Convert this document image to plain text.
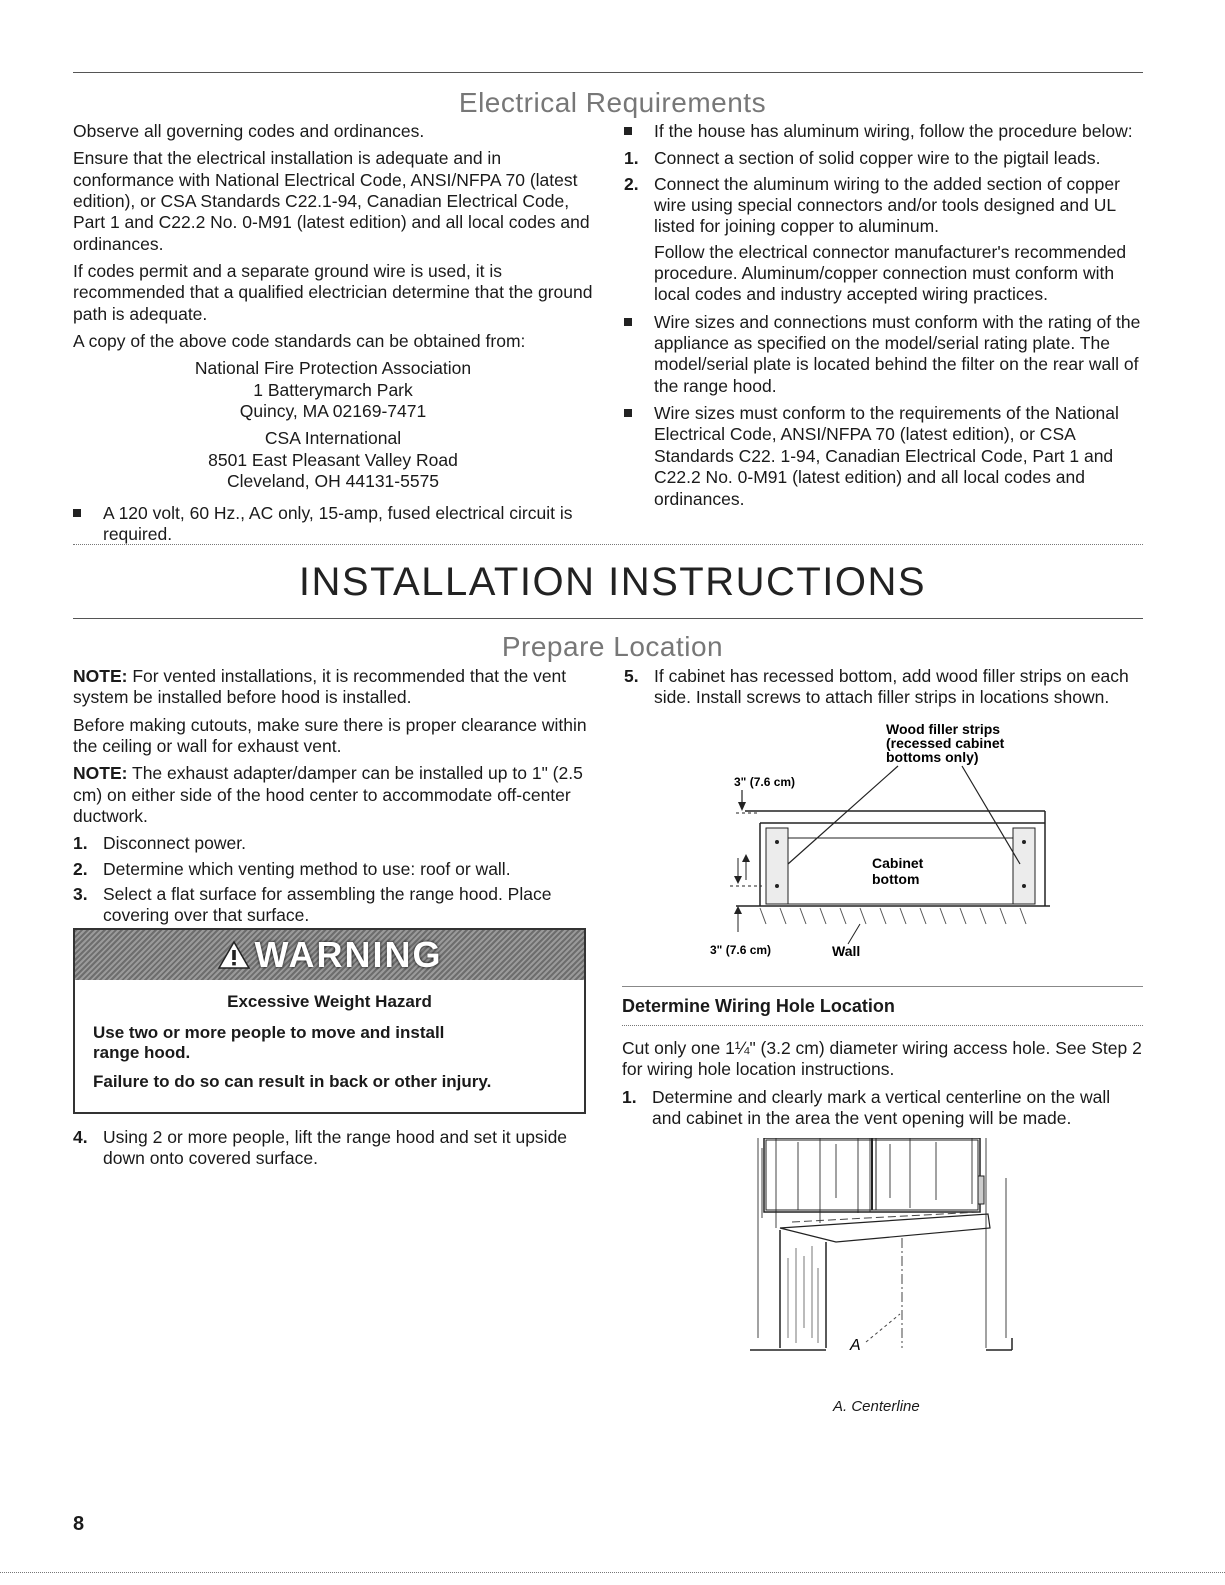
Electrical Requirements

Observe all governing codes and ordinances.

Ensure that the electrical installation is adequate and in conformance with National Electrical Code, ANSI/NFPA 70 (latest edition), or CSA Standards C22.1-94, Canadian Electrical Code, Part 1 and C22.2 No. 0-M91 (latest edition) and all local codes and ordinances.

If codes permit and a separate ground wire is used, it is recommended that a qualified electrician determine that the ground path is adequate.

A copy of the above code standards can be obtained from:

National Fire Protection Association
1 Batterymarch Park
Quincy, MA 02169-7471
CSA International
8501 East Pleasant Valley Road
Cleveland, OH 44131-5575
A 120 volt, 60 Hz., AC only, 15-amp, fused electrical circuit is required.
If the house has aluminum wiring, follow the procedure below:
1. Connect a section of solid copper wire to the pigtail leads.
2. Connect the aluminum wiring to the added section of copper wire using special connectors and/or tools designed and UL listed for joining copper to aluminum.

Follow the electrical connector manufacturer's recommended procedure. Aluminum/copper connection must conform with local codes and industry accepted wiring practices.

Wire sizes and connections must conform with the rating of the appliance as specified on the model/serial rating plate. The model/serial plate is located behind the filter on the rear wall of the range hood.
Wire sizes must conform to the requirements of the National Electrical Code, ANSI/NFPA 70 (latest edition), or CSA Standards C22. 1-94, Canadian Electrical Code, Part 1 and C22.2 No. 0-M91 (latest edition) and all local codes and ordinances.
INSTALLATION INSTRUCTIONS
Prepare Location

NOTE: For vented installations, it is recommended that the vent system be installed before hood is installed.

Before making cutouts, make sure there is proper clearance within the ceiling or wall for exhaust vent.

NOTE: The exhaust adapter/damper can be installed up to 1" (2.5 cm) on either side of the hood center to accommodate off-center ductwork.

1. Disconnect power.
2. Determine which venting method to use: roof or wall.
3. Select a flat surface for assembling the range hood. Place covering over that surface.
WARNING

Excessive Weight Hazard

Use two or more people to move and install range hood.

Failure to do so can result in back or other injury.

4. Using 2 or more people, lift the range hood and set it upside down onto covered surface.
5. If cabinet has recessed bottom, add wood filler strips on each side. Install screws to attach filler strips in locations shown.
Wood filler strips
(recessed cabinet
bottoms only)
3" (7.6 cm)
Cabinet
bottom
3" (7.6 cm)	Wall
Determine Wiring Hole Location

Cut only one 1¼" (3.2 cm) diameter wiring access hole. See Step 2 for wiring hole location instructions.

1. Determine and clearly mark a vertical centerline on the wall and cabinet in the area the vent opening will be made.
A
A. Centerline
8
